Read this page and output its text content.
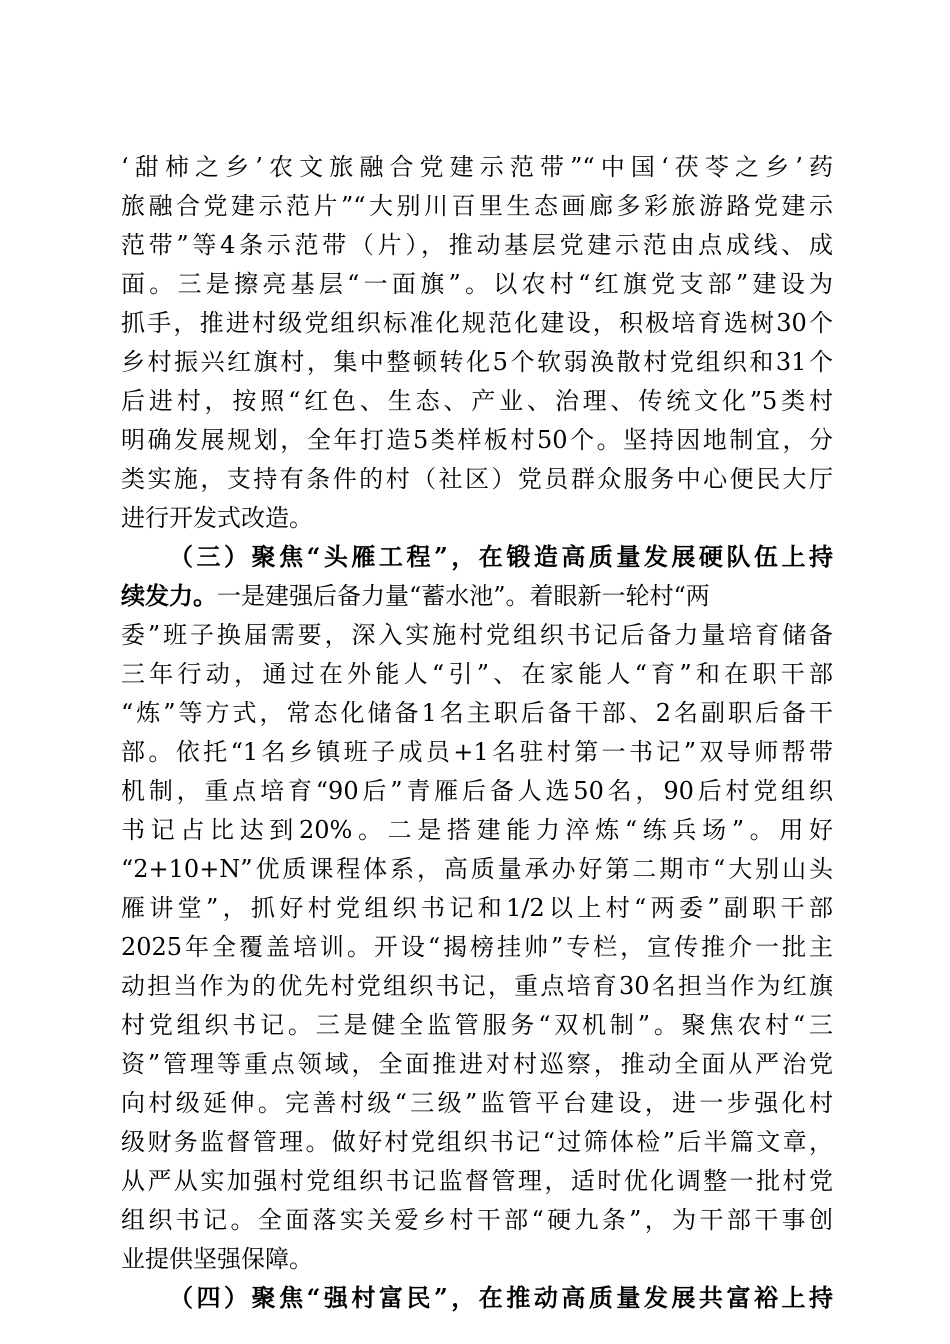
‘甜柿之乡’农文旅融合党建示范带”“中国‘茯苓之乡’药
旅融合党建示范片”“大别川百里生态画廊多彩旅游路党建示
范带”等4条示范带（片），推动基层党建示范由点成线、成
面。三是擦亮基层“一面旗”。以农村“红旗党支部”建设为
抓手，推进村级党组织标准化规范化建设，积极培育选树30个
乡村振兴红旗村，集中整顿转化5个软弱涣散村党组织和31个
后进村，按照“红色、生态、产业、治理、传统文化”5类村
明确发展规划，全年打造5类样板村50个。坚持因地制宜，分
类实施，支持有条件的村（社区）党员群众服务中心便民大厅
进行开发式改造。
（三）聚焦“头雁工程”，在锻造高质量发展硬队伍上持
续发力。一是建强后备力量“蓄水池”。着眼新一轮村“两
委”班子换届需要，深入实施村党组织书记后备力量培育储备
三年行动，通过在外能人“引”、在家能人“育”和在职干部
“炼”等方式，常态化储备1名主职后备干部、2名副职后备干
部。依托“1名乡镇班子成员+1名驻村第一书记”双导师帮带
机制，重点培育“90后”青雁后备人选50名，90后村党组织
书记占比达到20%。二是搭建能力淬炼“练兵场”。用好
“2+10+N”优质课程体系，高质量承办好第二期市“大别山头
雁讲堂”，抓好村党组织书记和1/2以上村“两委”副职干部
2025年全覆盖培训。开设“揭榜挂帅”专栏，宣传推介一批主
动担当作为的优先村党组织书记，重点培育30名担当作为红旗
村党组织书记。三是健全监管服务“双机制”。聚焦农村“三
资”管理等重点领域，全面推进对村巡察，推动全面从严治党
向村级延伸。完善村级“三级”监管平台建设，进一步强化村
级财务监督管理。做好村党组织书记“过筛体检”后半篇文章，
从严从实加强村党组织书记监督管理，适时优化调整一批村党
组织书记。全面落实关爱乡村干部“硬九条”，为干部干事创
业提供坚强保障。
（四）聚焦“强村富民”，在推动高质量发展共富裕上持
